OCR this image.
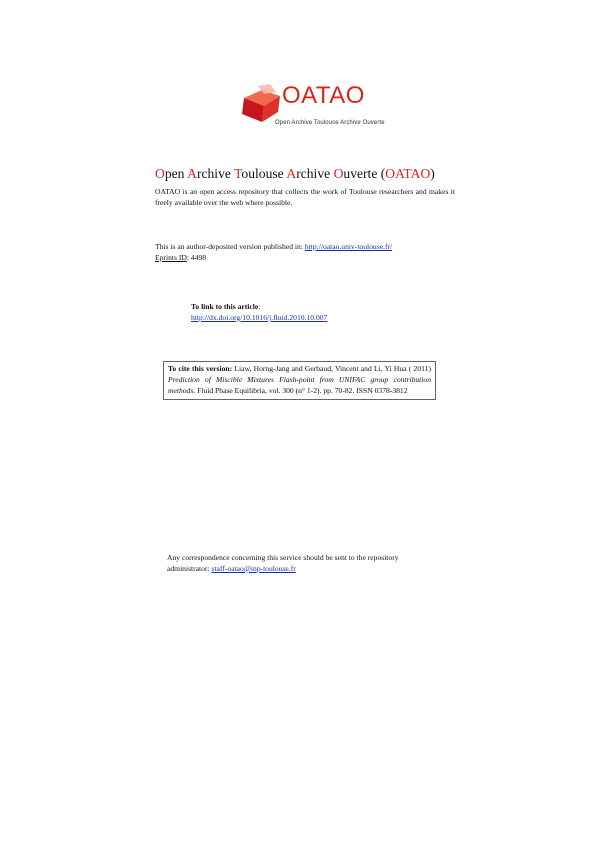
OATAO
Open Archive Toulouse Archive Ouverte
Open Archive Toulouse Archive Ouverte (OATAO)
OATAO is an open access repository that collects the work of Toulouse researchers and makes it freely available over the web where possible.
This is an author-deposited version published in: http://oatao.univ-toulouse.fr/
Eprints ID: 4498
To link to this article:
http://dx.doi.org/10.1016/j.fluid.2010.10.007
To cite this version: Liaw, Horng-Jang and Gerbaud, Vincent and Li, Yi Hua ( 2011) Prediction of Miscible Mixtures Flash-point from UNIFAC group contribution methods. Fluid Phase Equilibria, vol. 300 (n° 1-2). pp. 70-82. ISSN 0378-3812
Any correspondence concerning this service should be sent to the repository administrator: staff-oatao@inp-toulouse.fr
